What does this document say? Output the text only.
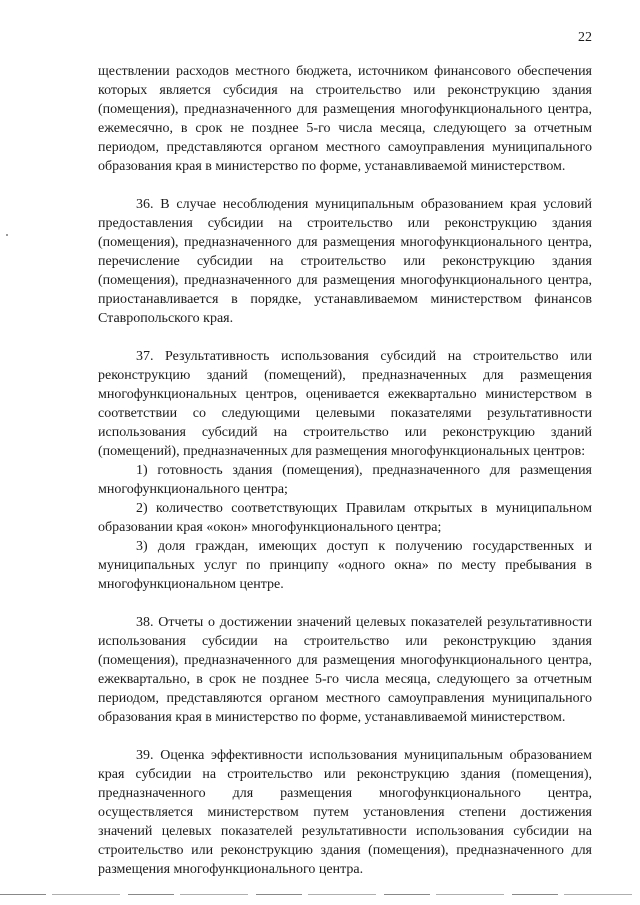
22

ществлении расходов местного бюджета, источником финансового обеспечения которых является субсидия на строительство или реконструкцию здания (помещения), предназначенного для размещения многофункционального центра, ежемесячно, в срок не позднее 5-го числа месяца, следующего за отчетным периодом, представляются органом местного самоуправления муниципального образования края в министерство по форме, устанавливаемой министерством.

36. В случае несоблюдения муниципальным образованием края условий предоставления субсидии на строительство или реконструкцию здания (помещения), предназначенного для размещения многофункционального центра, перечисление субсидии на строительство или реконструкцию здания (помещения), предназначенного для размещения многофункционального центра, приостанавливается в порядке, устанавливаемом министерством финансов Ставропольского края.

37. Результативность использования субсидий на строительство или реконструкцию зданий (помещений), предназначенных для размещения многофункциональных центров, оценивается ежеквартально министерством в соответствии со следующими целевыми показателями результативности использования субсидий на строительство или реконструкцию зданий (помещений), предназначенных для размещения многофункциональных центров:

1) готовность здания (помещения), предназначенного для размещения многофункционального центра;

2) количество соответствующих Правилам открытых в муниципальном образовании края «окон» многофункционального центра;

3) доля граждан, имеющих доступ к получению государственных и муниципальных услуг по принципу «одного окна» по месту пребывания в многофункциональном центре.

38. Отчеты о достижении значений целевых показателей результативности использования субсидии на строительство или реконструкцию здания (помещения), предназначенного для размещения многофункционального центра, ежеквартально, в срок не позднее 5-го числа месяца, следующего за отчетным периодом, представляются органом местного самоуправления муниципального образования края в министерство по форме, устанавливаемой министерством.

39. Оценка эффективности использования муниципальным образованием края субсидии на строительство или реконструкцию здания (помещения), предназначенного для размещения многофункционального центра, осуществляется министерством путем установления степени достижения значений целевых показателей результативности использования субсидии на строительство или реконструкцию здания (помещения), предназначенного для размещения многофункционального центра.
